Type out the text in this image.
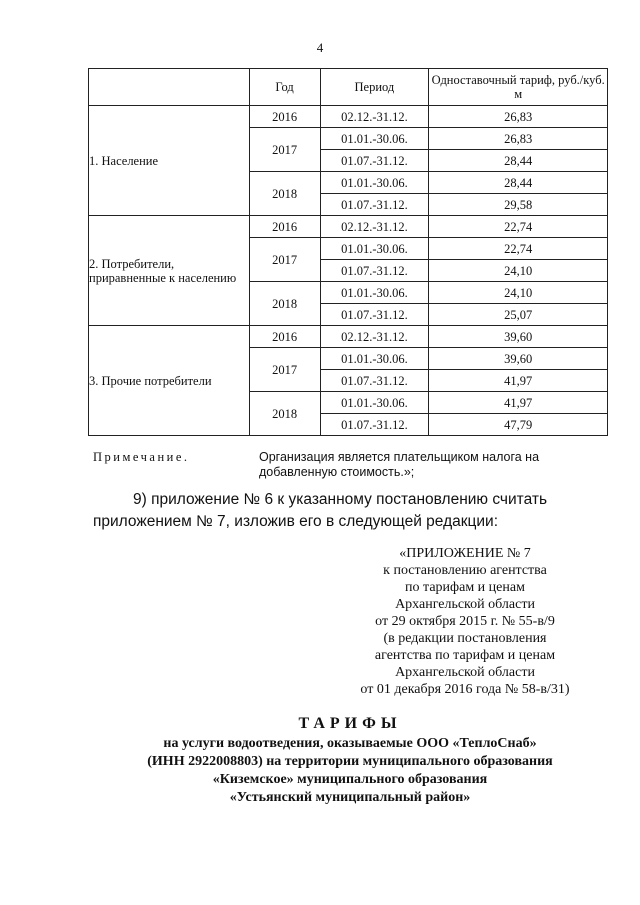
4
	Год	Период	Одноставочный тариф, руб./куб. м
1. Население	2016	02.12.-31.12.	26,83
	2017	01.01.-30.06.	26,83
		01.07.-31.12.	28,44
	2018	01.01.-30.06.	28,44
		01.07.-31.12.	29,58
2. Потребители, приравненные к населению	2016	02.12.-31.12.	22,74
	2017	01.01.-30.06.	22,74
		01.07.-31.12.	24,10
	2018	01.01.-30.06.	24,10
		01.07.-31.12.	25,07
3. Прочие потребители	2016	02.12.-31.12.	39,60
	2017	01.01.-30.06.	39,60
		01.07.-31.12.	41,97
	2018	01.01.-30.06.	41,97
		01.07.-31.12.	47,79
Примечание.	Организация является плательщиком налога на добавленную стоимость.»;
9) приложение № 6 к указанному постановлению считать приложением № 7, изложив его в следующей редакции:
«ПРИЛОЖЕНИЕ № 7
к постановлению агентства
по тарифам и ценам
Архангельской области
от 29 октября 2015 г. № 55-в/9
(в редакции постановления
агентства по тарифам и ценам
Архангельской области
от 01 декабря 2016 года № 58-в/31)
ТАРИФЫ
на услуги водоотведения, оказываемые ООО «ТеплоСнаб»
(ИНН 2922008803) на территории муниципального образования
«Киземское» муниципального образования
«Устьянский муниципальный район»
